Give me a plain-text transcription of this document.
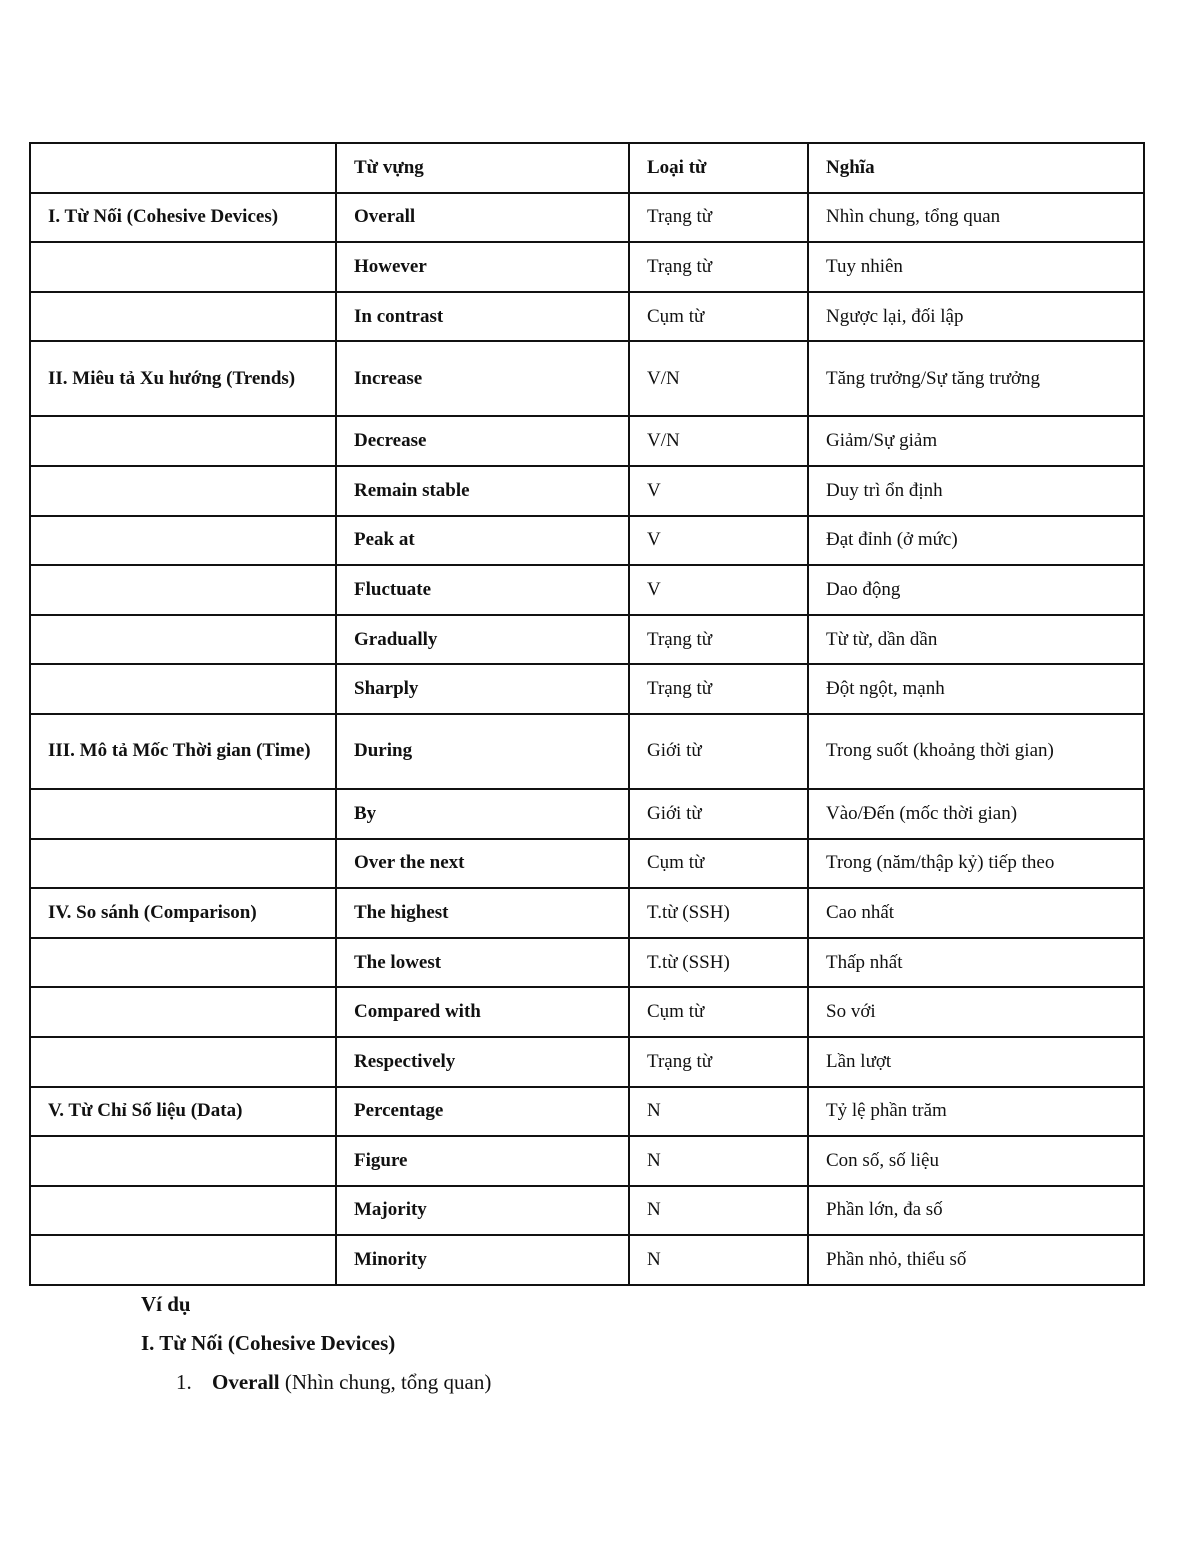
	Từ vựng	Loại từ	Nghĩa
I. Từ Nối (Cohesive Devices)	Overall	Trạng từ	Nhìn chung, tổng quan
	However	Trạng từ	Tuy nhiên
	In contrast	Cụm từ	Ngược lại, đối lập
II. Miêu tả Xu hướng (Trends)	Increase	V/N	Tăng trưởng/Sự tăng trưởng
	Decrease	V/N	Giảm/Sự giảm
	Remain stable	V	Duy trì ổn định
	Peak at	V	Đạt đỉnh (ở mức)
	Fluctuate	V	Dao động
	Gradually	Trạng từ	Từ từ, dần dần
	Sharply	Trạng từ	Đột ngột, mạnh
III. Mô tả Mốc Thời gian (Time)	During	Giới từ	Trong suốt (khoảng thời gian)
	By	Giới từ	Vào/Đến (mốc thời gian)
	Over the next	Cụm từ	Trong (năm/thập kỷ) tiếp theo
IV. So sánh (Comparison)	The highest	T.từ (SSH)	Cao nhất
	The lowest	T.từ (SSH)	Thấp nhất
	Compared with	Cụm từ	So với
	Respectively	Trạng từ	Lần lượt
V. Từ Chỉ Số liệu (Data)	Percentage	N	Tỷ lệ phần trăm
	Figure	N	Con số, số liệu
	Majority	N	Phần lớn, đa số
	Minority	N	Phần nhỏ, thiểu số
Ví dụ
I. Từ Nối (Cohesive Devices)
1. Overall (Nhìn chung, tổng quan)
